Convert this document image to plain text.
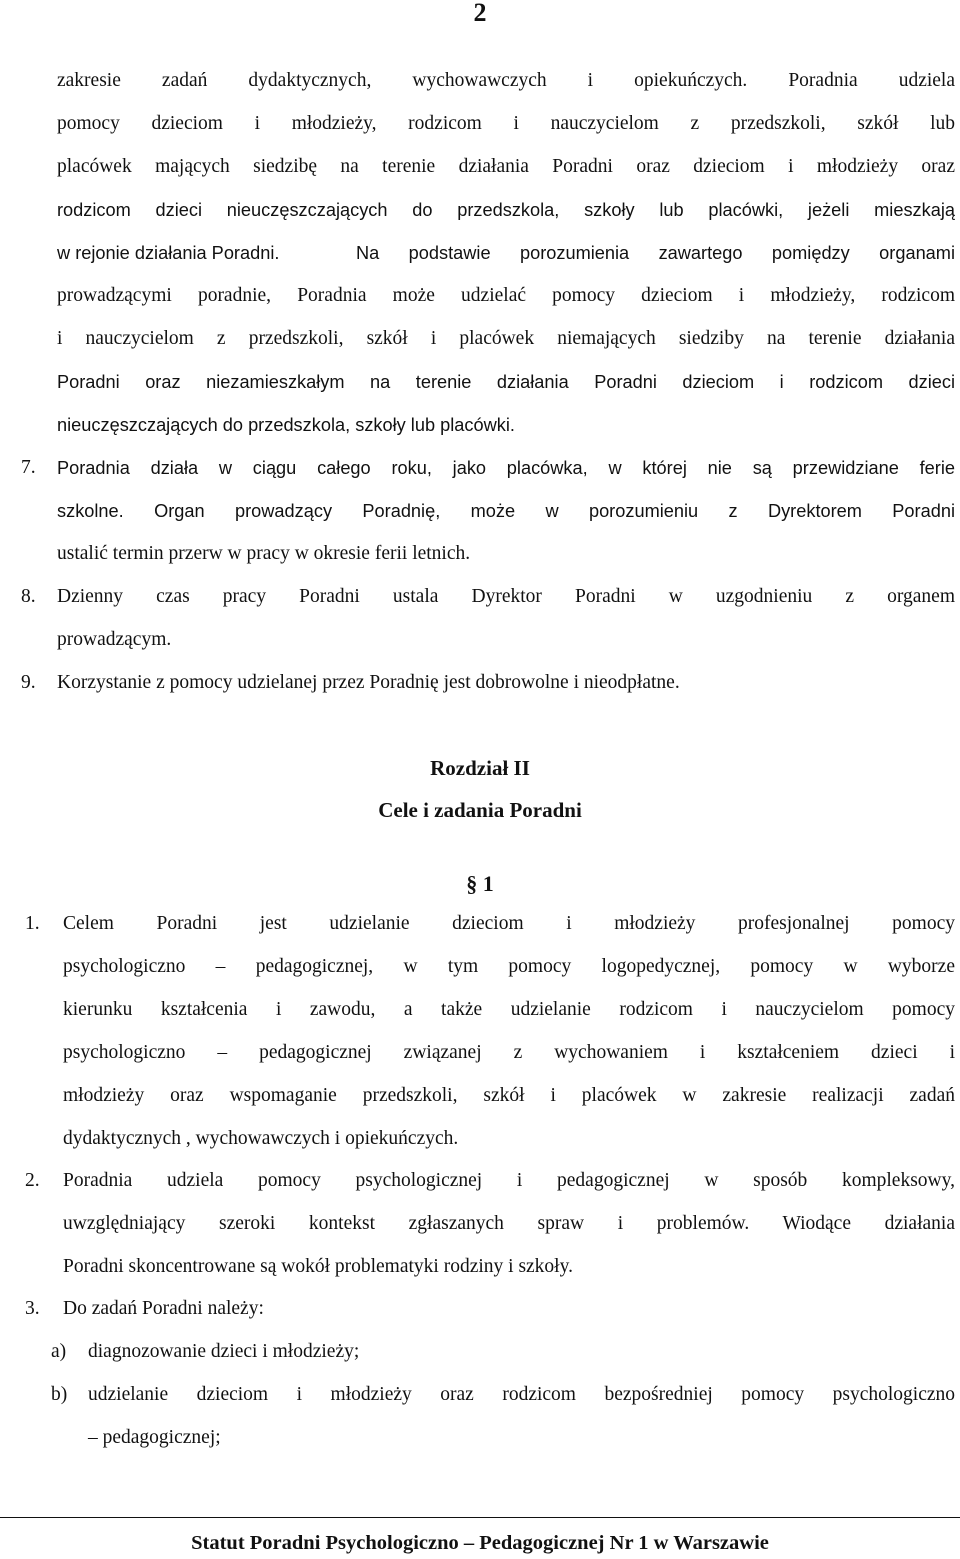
2
zakresie zadań dydaktycznych, wychowawczych i opiekuńczych. Poradnia udziela
pomocy dzieciom i młodzieży, rodzicom i nauczycielom z przedszkoli, szkół lub
placówek mających siedzibę na terenie działania Poradni oraz dzieciom i młodzieży oraz
rodzicom dzieci nieuczęszczających do przedszkola, szkoły lub placówki, jeżeli mieszkają
w rejonie działania Poradni.	Na podstawie porozumienia zawartego pomiędzy organami
prowadzącymi poradnie, Poradnia może udzielać pomocy dzieciom i młodzieży, rodzicom
i nauczycielom z przedszkoli, szkół i placówek niemających siedziby na terenie działania
Poradni oraz niezamieszkałym na terenie działania Poradni dzieciom i rodzicom dzieci
nieuczęszczających do przedszkola, szkoły lub placówki.
7. Poradnia działa w ciągu całego roku, jako placówka, w której nie są przewidziane ferie
szkolne. Organ prowadzący Poradnię, może w porozumieniu z Dyrektorem Poradni
ustalić termin przerw w pracy w okresie ferii letnich.
8. Dzienny czas pracy Poradni ustala Dyrektor Poradni w uzgodnieniu z organem
prowadzącym.
9. Korzystanie z pomocy udzielanej przez Poradnię jest dobrowolne i nieodpłatne.
Rozdział II
Cele i zadania Poradni
§ 1
1. Celem Poradni jest udzielanie dzieciom i młodzieży profesjonalnej pomocy
psychologiczno – pedagogicznej, w tym pomocy logopedycznej, pomocy w wyborze
kierunku kształcenia i zawodu, a także udzielanie rodzicom i nauczycielom pomocy
psychologiczno – pedagogicznej związanej z wychowaniem i kształceniem dzieci i
młodzieży oraz wspomaganie przedszkoli, szkół i placówek w zakresie realizacji zadań
dydaktycznych , wychowawczych i opiekuńczych.
2. Poradnia udziela pomocy psychologicznej i pedagogicznej w sposób kompleksowy,
uwzględniający szeroki kontekst zgłaszanych spraw i problemów. Wiodące działania
Poradni skoncentrowane są wokół problematyki rodziny i szkoły.
3. Do zadań Poradni należy:
a) diagnozowanie dzieci i młodzieży;
b) udzielanie dzieciom i młodzieży oraz rodzicom bezpośredniej pomocy psychologiczno
– pedagogicznej;
Statut Poradni Psychologiczno – Pedagogicznej Nr 1 w Warszawie
